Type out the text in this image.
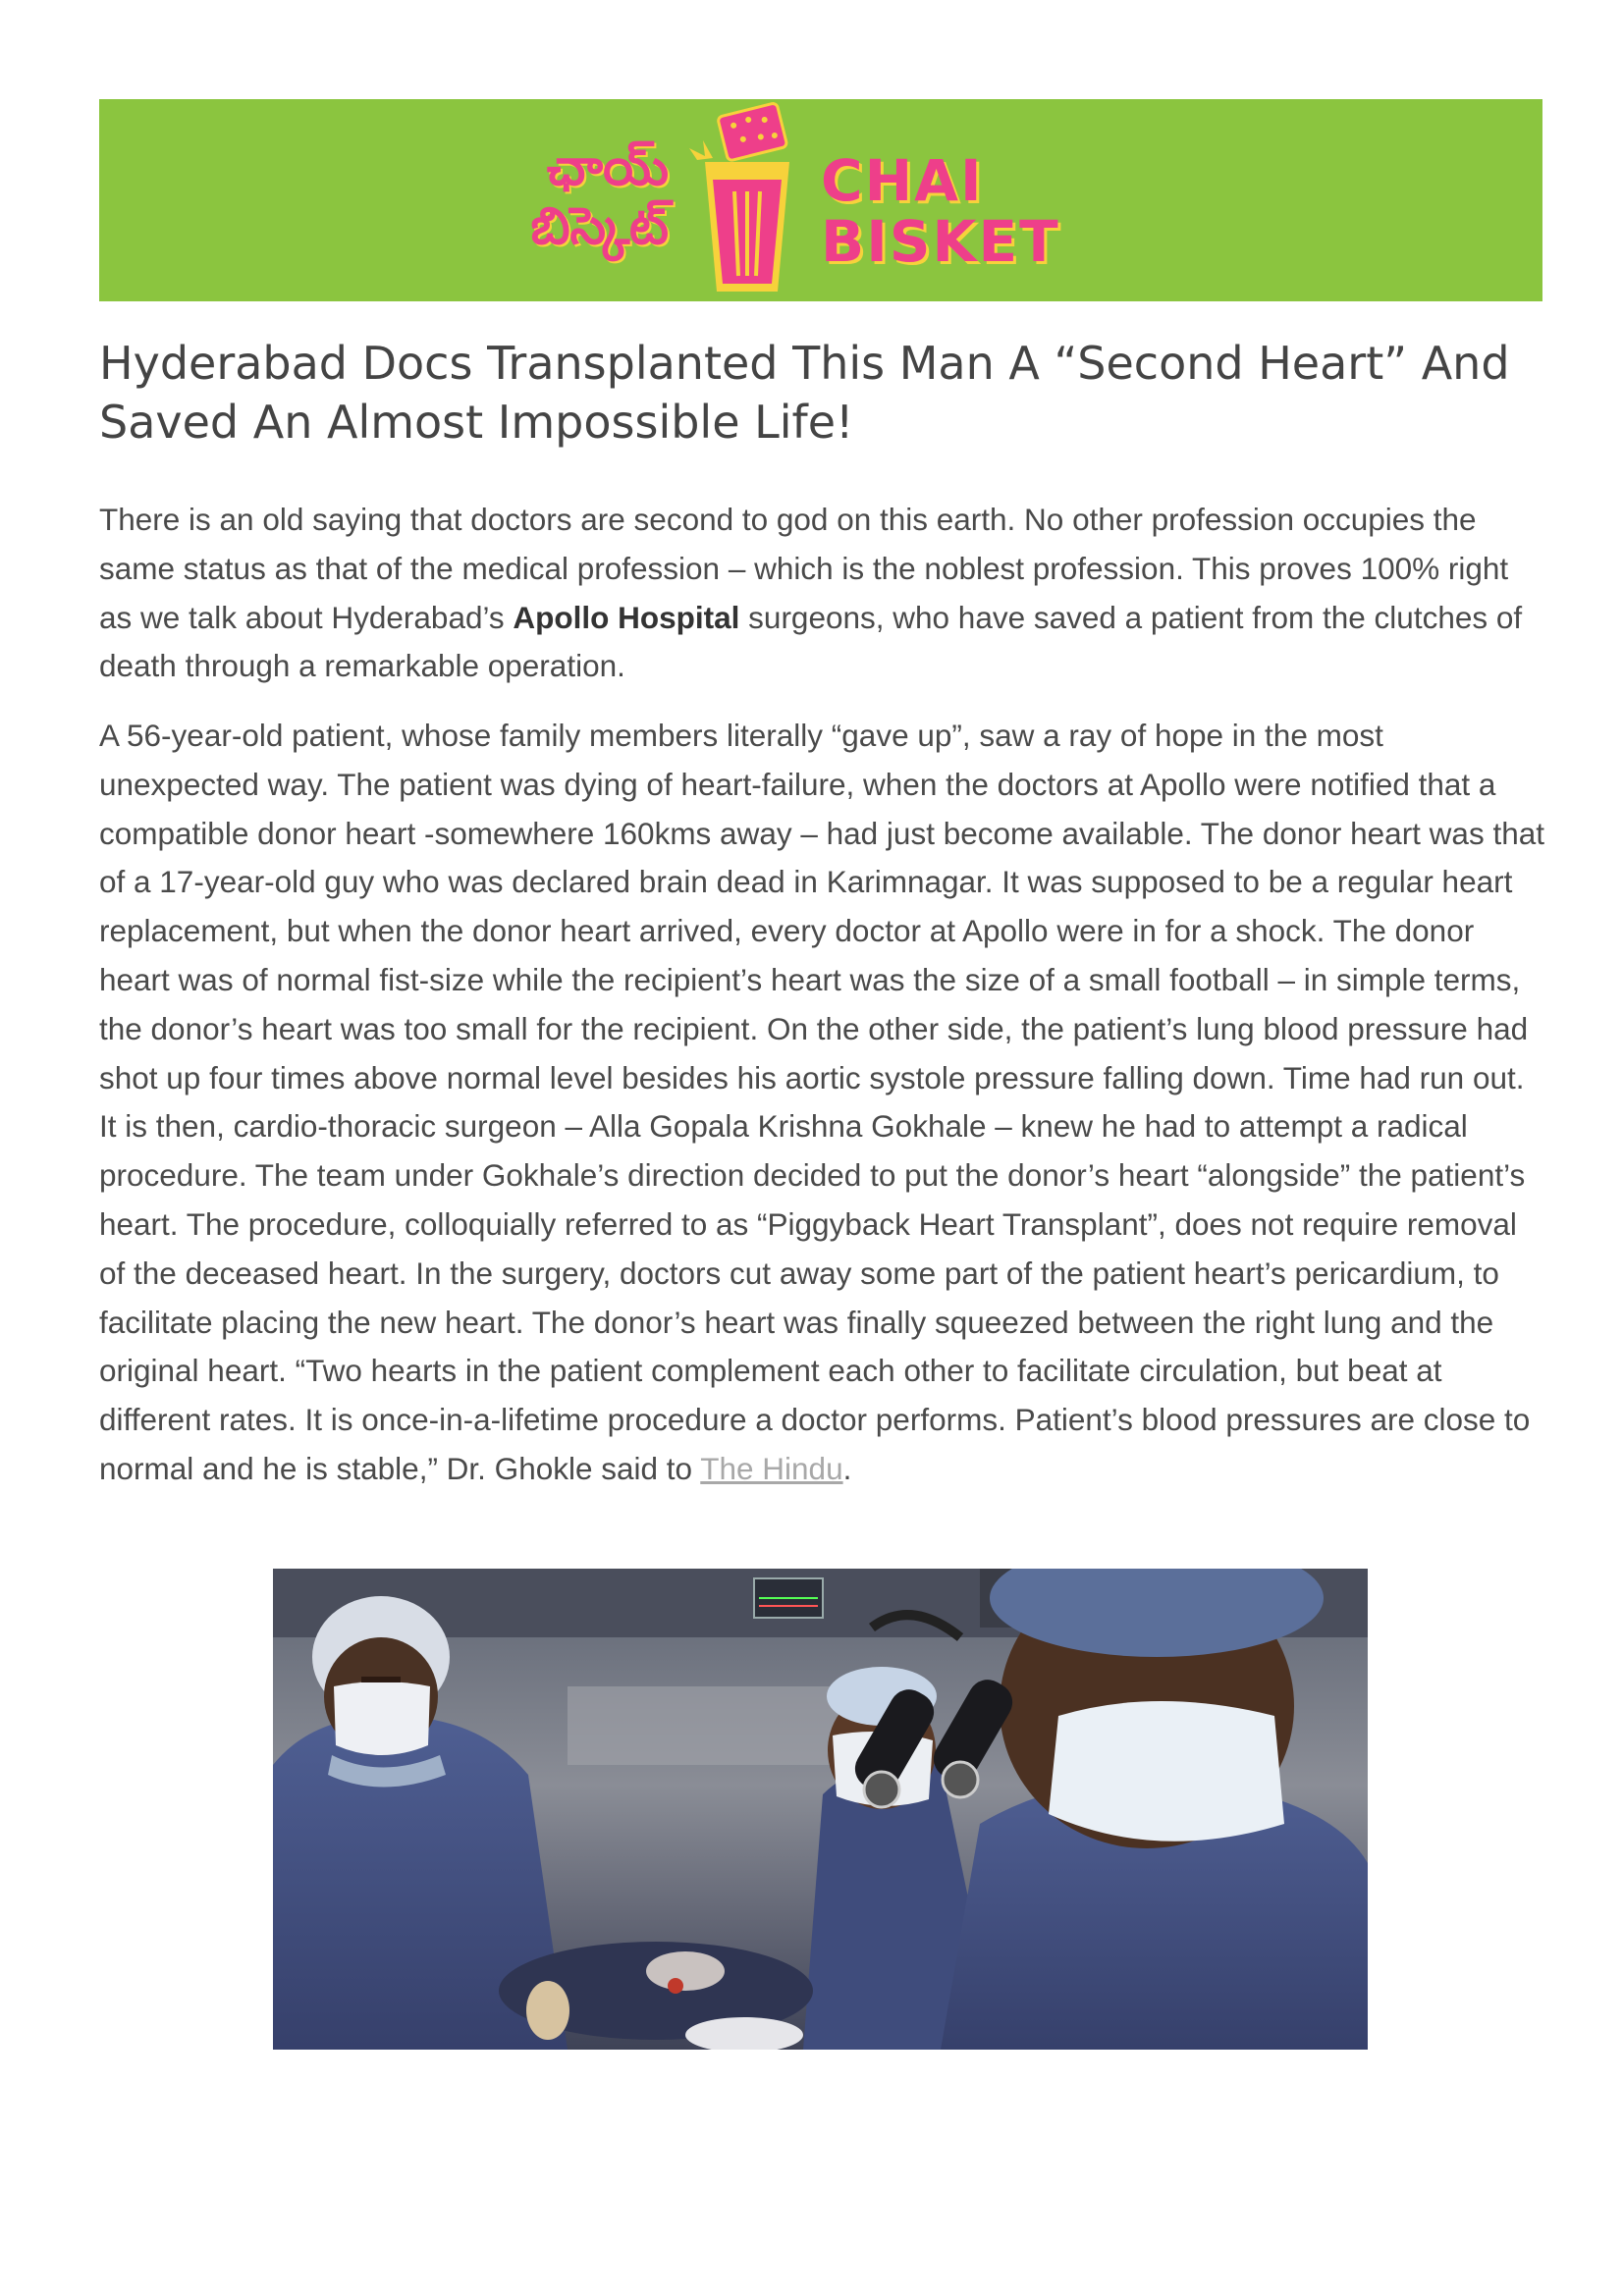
ఛాయ్
బిస్కెట్
CHAI
BISKET
Hyderabad Docs Transplanted This Man A “Second Heart” And Saved An Almost Impossible Life!

There is an old saying that doctors are second to god on this earth. No other profession occupies the same status as that of the medical profession – which is the noblest profession. This proves 100% right as we talk about Hyderabad’s Apollo Hospital surgeons, who have saved a patient from the clutches of death through a remarkable operation.

A 56-year-old patient, whose family members literally “gave up”, saw a ray of hope in the most unexpected way. The patient was dying of heart-failure, when the doctors at Apollo were notified that a compatible donor heart -somewhere 160kms away – had just become available. The donor heart was that of a 17-year-old guy who was declared brain dead in Karimnagar. It was supposed to be a regular heart replacement, but when the donor heart arrived, every doctor at Apollo were in for a shock. The donor heart was of normal fist-size while the recipient’s heart was the size of a small football – in simple terms, the donor’s heart was too small for the recipient. On the other side, the patient’s lung blood pressure had shot up four times above normal level besides his aortic systole pressure falling down. Time had run out. It is then, cardio-thoracic surgeon – Alla Gopala Krishna Gokhale – knew he had to attempt a radical procedure. The team under Gokhale’s direction decided to put the donor’s heart “alongside” the patient’s heart. The procedure, colloquially referred to as “Piggyback Heart Transplant”, does not require removal of the deceased heart. In the surgery, doctors cut away some part of the patient heart’s pericardium, to facilitate placing the new heart. The donor’s heart was finally squeezed between the right lung and the original heart. “Two hearts in the patient complement each other to facilitate circulation, but beat at different rates. It is once-in-a-lifetime procedure a doctor performs. Patient’s blood pressures are close to normal and he is stable,” Dr. Ghokle said to The Hindu.
